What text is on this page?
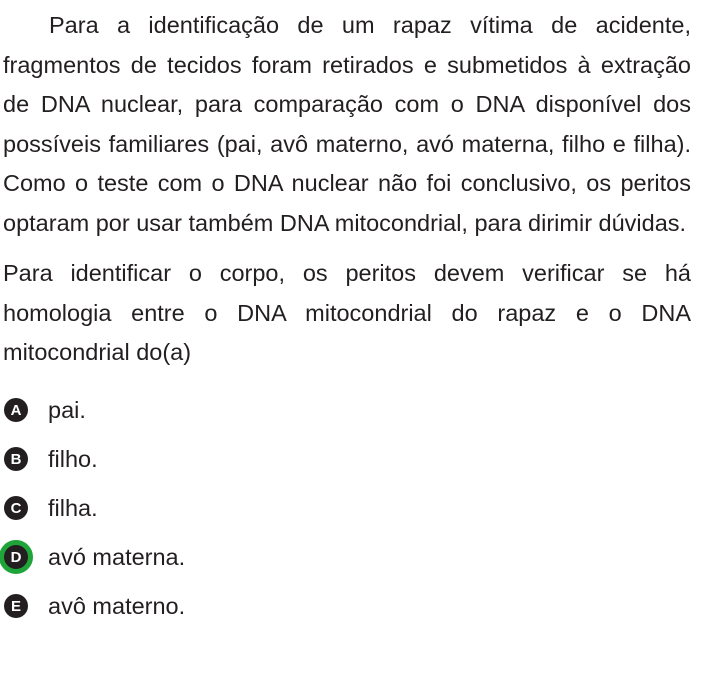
Para a identificação de um rapaz vítima de acidente, fragmentos de tecidos foram retirados e submetidos à extração de DNA nuclear, para comparação com o DNA disponível dos possíveis familiares (pai, avô materno, avó materna, filho e filha). Como o teste com o DNA nuclear não foi conclusivo, os peritos optaram por usar também DNA mitocondrial, para dirimir dúvidas.

Para identificar o corpo, os peritos devem verificar se há homologia entre o DNA mitocondrial do rapaz e o DNA mitocondrial do(a)

A pai.
B filho.
C filha.
D	avó materna.
E avô materno.
